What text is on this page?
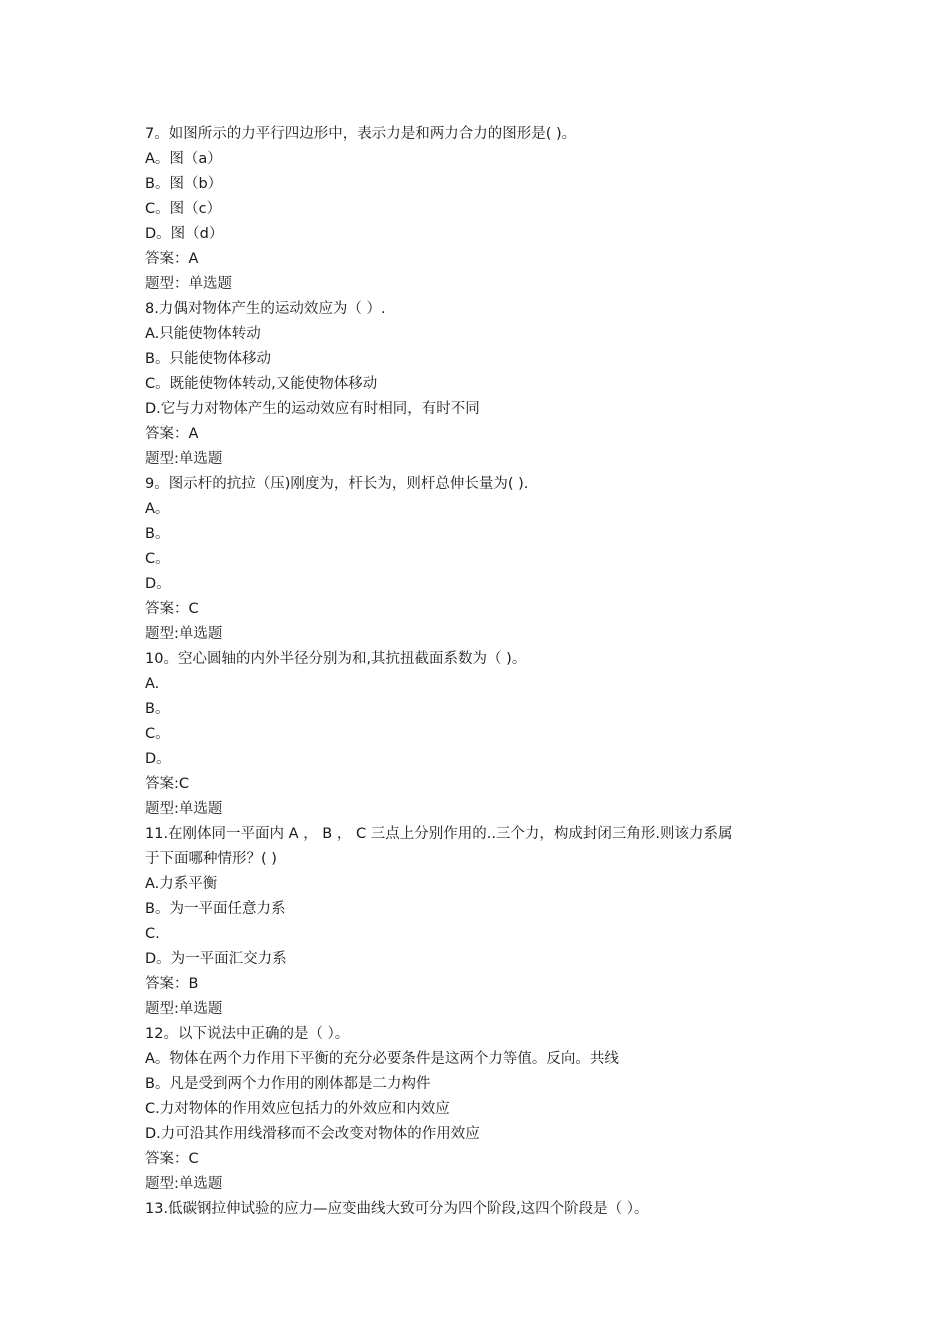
7。如图所示的力平行四边形中，表示力是和两力合力的图形是( )。
A。图（a）
B。图（b）
C。图（c）
D。图（d）
答案：A
题型：单选题
8.力偶对物体产生的运动效应为（ ）.
A.只能使物体转动
B。只能使物体移动
C。既能使物体转动,又能使物体移动
D.它与力对物体产生的运动效应有时相同，有时不同
答案：A
题型:单选题
9。图示杆的抗拉（压)刚度为，杆长为，则杆总伸长量为( ).
A。
B。
C。
D。
答案：C
题型:单选题
10。空心圆轴的内外半径分别为和,其抗扭截面系数为（ )。
A.
B。
C。
D。
答案:C
题型:单选题
11.在刚体同一平面内 A ， B ， C 三点上分别作用的..三个力，构成封闭三角形.则该力系属
于下面哪种情形？( )
A.力系平衡
B。为一平面任意力系
C.
D。为一平面汇交力系
答案：B
题型:单选题
12。以下说法中正确的是（ ）。
A。物体在两个力作用下平衡的充分必要条件是这两个力等值。反向。共线
B。凡是受到两个力作用的刚体都是二力构件
C.力对物体的作用效应包括力的外效应和内效应
D.力可沿其作用线滑移而不会改变对物体的作用效应
答案：C
题型:单选题
13.低碳钢拉伸试验的应力—应变曲线大致可分为四个阶段,这四个阶段是（ ）。
